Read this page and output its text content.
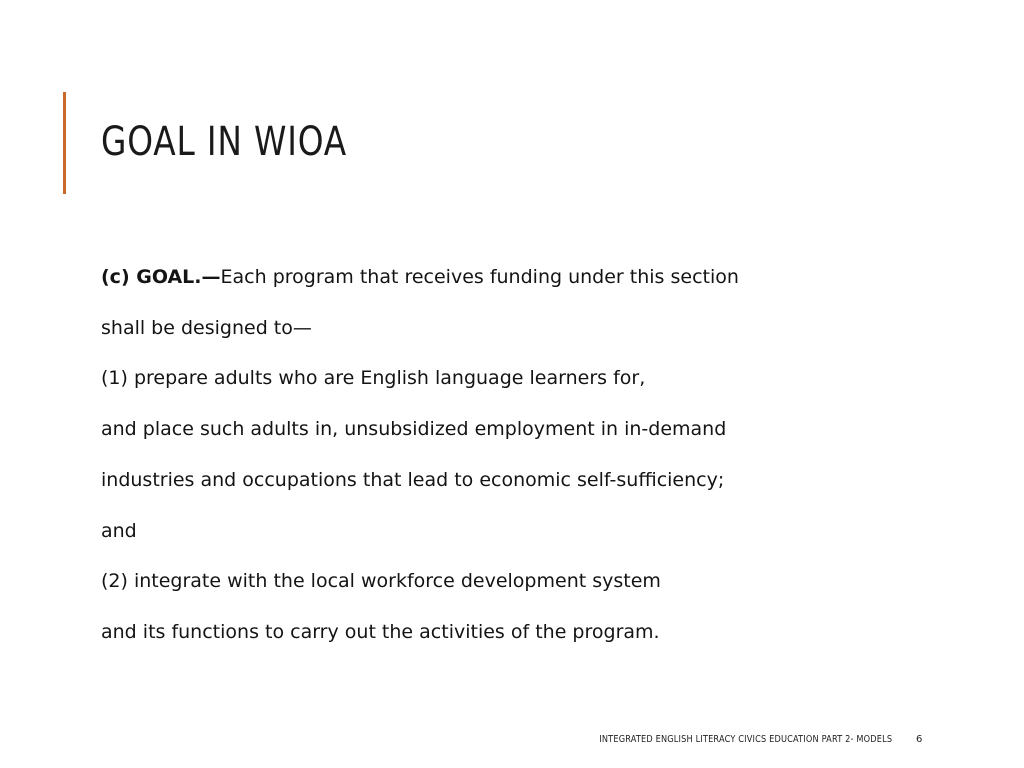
GOAL IN WIOA
(c) GOAL.—Each program that receives funding under this section
shall be designed to—
(1) prepare adults who are English language learners for,
and place such adults in, unsubsidized employment in in-demand
industries and occupations that lead to economic self-sufficiency;
and
(2) integrate with the local workforce development system
and its functions to carry out the activities of the program.
INTEGRATED ENGLISH LITERACY CIVICS EDUCATION PART 2- MODELS 6
